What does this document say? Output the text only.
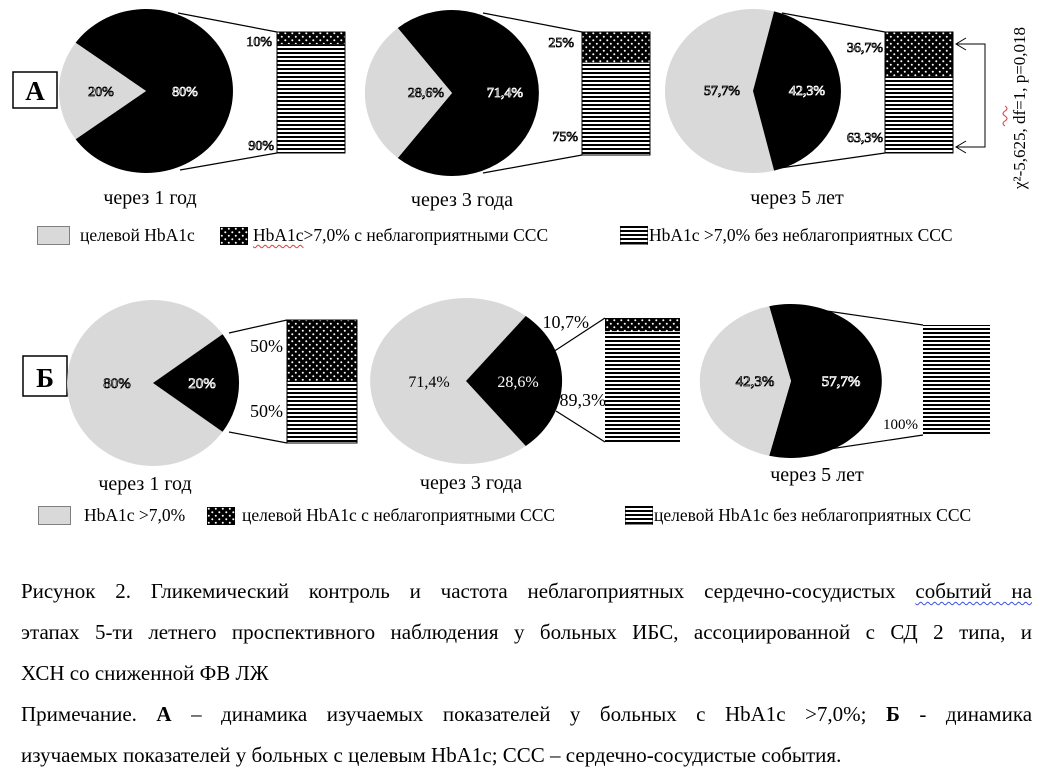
А	20%	80%
10%
90%
через 1 год
28,6%	71,4%
25%
75%
через 3 года
57,7%	42,3%
36,7%
63,3%
через 5 лет
χ²-5,625, df=1, p=0,018
Б	80%	20%
50%
50%
через 1 год
71,4%	28,6%
10,7%
89,3%
через 3 года
42,3%	57,7%
100%
через 5 лет
целевой HbA1c	HbA1c >7,0% с неблагоприятными ССС	HbA1c >7,0% без неблагоприятных ССС
HbA1c >7,0%	целевой HbA1c с неблагоприятными ССС	целевой HbA1c без неблагоприятных ССС
Рисунок 2. Гликемический контроль и частота неблагоприятных сердечно-сосудистых событий на
этапах 5-ти летнего проспективного наблюдения у больных ИБС, ассоциированной с СД 2 типа, и
ХСН со сниженной ФВ ЛЖ
Примечание. А – динамика изучаемых показателей у больных с HbA1c >7,0%; Б - динамика
изучаемых показателей у больных с целевым HbA1c; ССС – сердечно-сосудистые события.
